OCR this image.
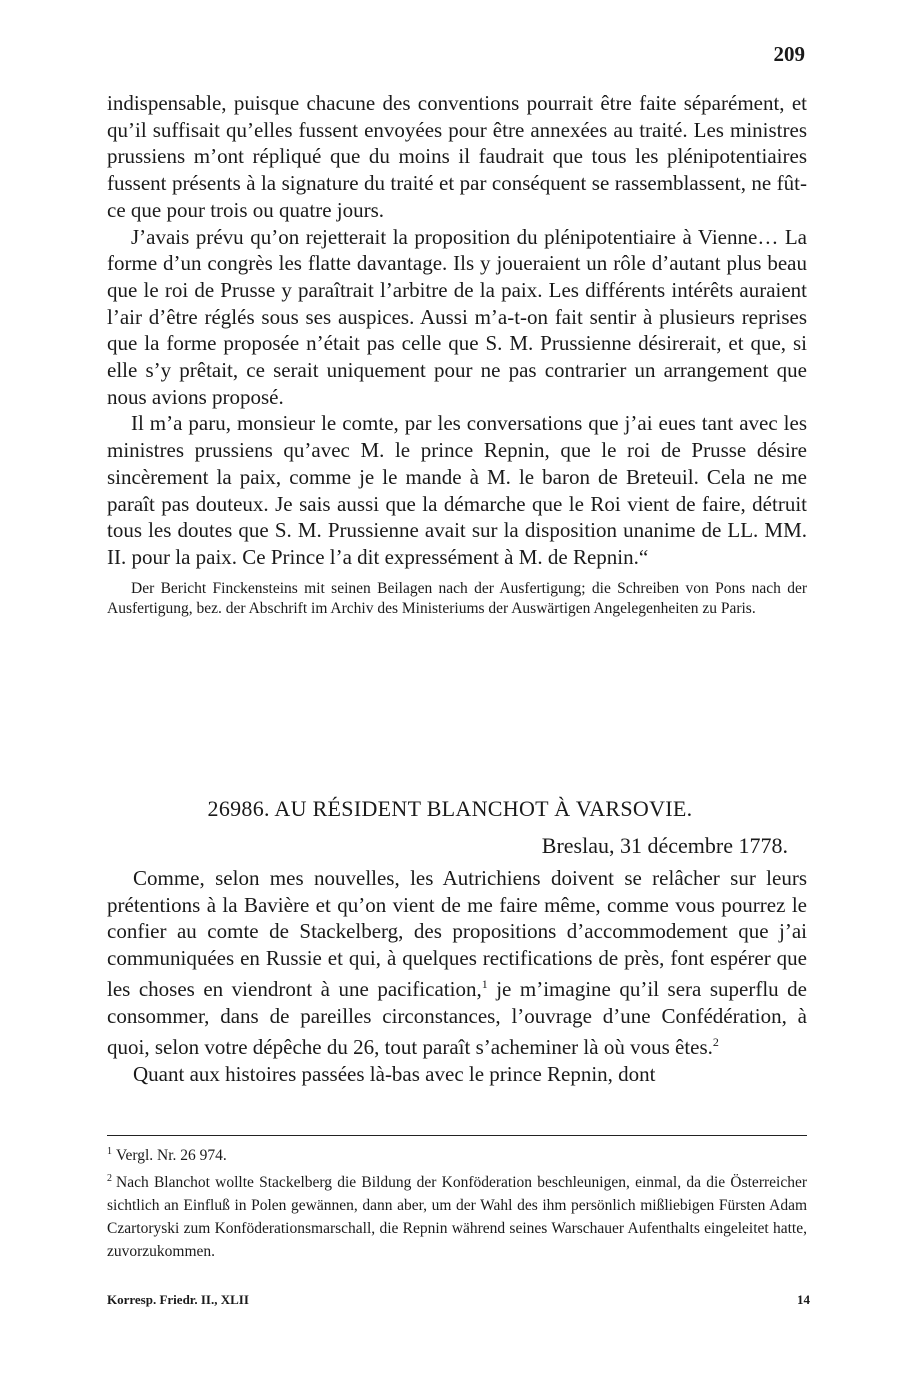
209

indispensable, puisque chacune des conventions pourrait être faite séparément, et qu’il suffisait qu’elles fussent envoyées pour être annexées au traité. Les ministres prussiens m’ont répliqué que du moins il faudrait que tous les plénipotentiaires fussent présents à la signature du traité et par conséquent se rassemblassent, ne fût-ce que pour trois ou quatre jours.

J’avais prévu qu’on rejetterait la proposition du plénipotentiaire à Vienne… La forme d’un congrès les flatte davantage. Ils y joueraient un rôle d’autant plus beau que le roi de Prusse y paraîtrait l’arbitre de la paix. Les différents intérêts auraient l’air d’être réglés sous ses auspices. Aussi m’a-t-on fait sentir à plusieurs reprises que la forme proposée n’était pas celle que S. M. Prussienne désirerait, et que, si elle s’y prêtait, ce serait uniquement pour ne pas contrarier un arrangement que nous avions proposé.

Il m’a paru, monsieur le comte, par les conversations que j’ai eues tant avec les ministres prussiens qu’avec M. le prince Repnin, que le roi de Prusse désire sincèrement la paix, comme je le mande à M. le baron de Breteuil. Cela ne me paraît pas douteux. Je sais aussi que la démarche que le Roi vient de faire, détruit tous les doutes que S. M. Prussienne avait sur la disposition unanime de LL. MM. II. pour la paix. Ce Prince l’a dit expressément à M. de Repnin.“

Der Bericht Finckensteins mit seinen Beilagen nach der Ausfertigung; die Schreiben von Pons nach der Ausfertigung, bez. der Abschrift im Archiv des Ministeriums der Auswärtigen Angelegenheiten zu Paris.

26986. AU RÉSIDENT BLANCHOT À VARSOVIE.
Breslau, 31 décembre 1778.

Comme, selon mes nouvelles, les Autrichiens doivent se relâcher sur leurs prétentions à la Bavière et qu’on vient de me faire même, comme vous pourrez le confier au comte de Stackelberg, des propositions d’accommodement que j’ai communiquées en Russie et qui, à quelques rectifications de près, font espérer que les choses en viendront à une pacification,$^1$ je m’imagine qu’il sera superflu de consommer, dans de pareilles circonstances, l’ouvrage d’une Confédération, à quoi, selon votre dépêche du 26, tout paraît s’acheminer là où vous êtes.$^2$

Quant aux histoires passées là-bas avec le prince Repnin, dont

$^1$ Vergl. Nr. 26 974.

$^2$ Nach Blanchot wollte Stackelberg die Bildung der Konföderation beschleunigen, einmal, da die Österreicher sichtlich an Einfluß in Polen gewännen, dann aber, um der Wahl des ihm persönlich mißliebigen Fürsten Adam Czartoryski zum Konföderationsmarschall, die Repnin während seines Warschauer Aufenthalts eingeleitet hatte, zuvorzukommen.

Korresp. Friedr. II., XLII	14
